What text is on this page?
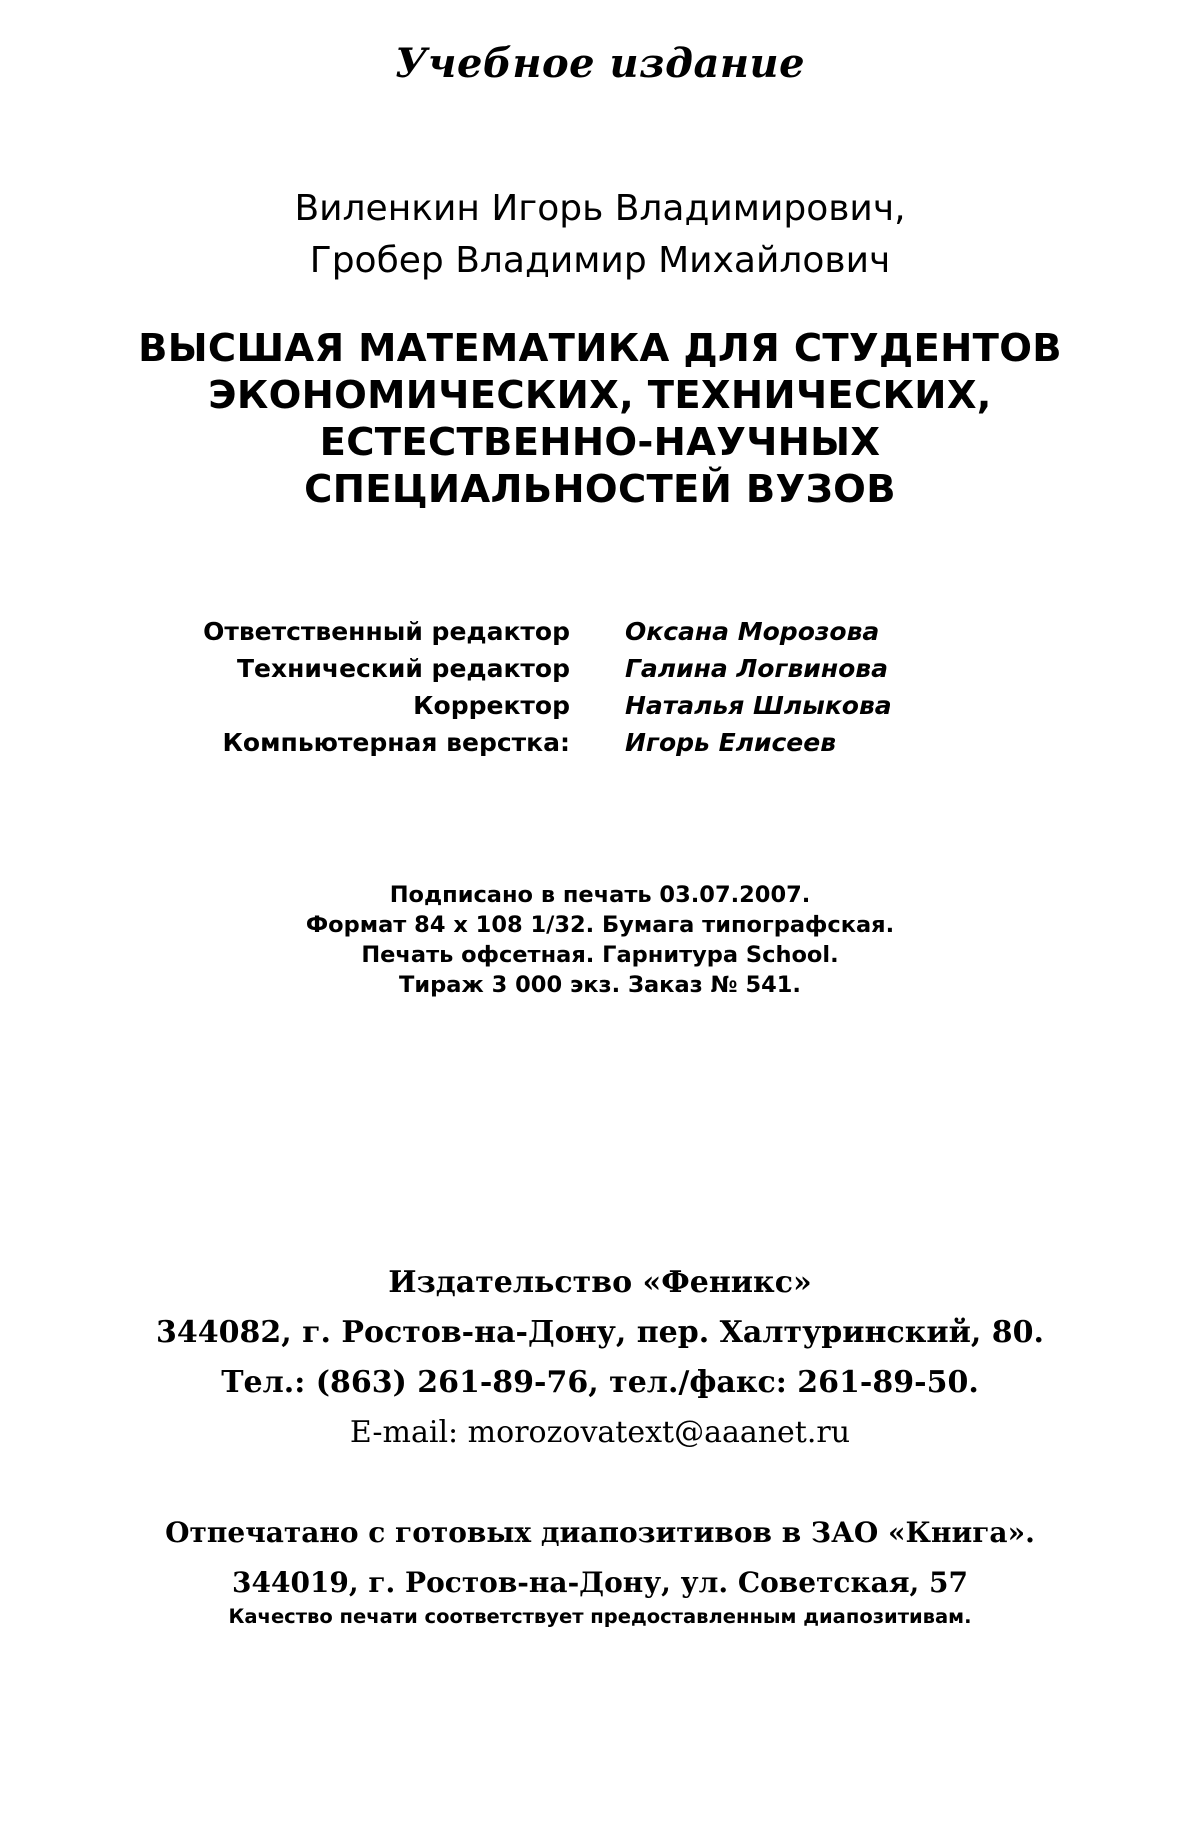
Учебное издание
Виленкин Игорь Владимирович,
Гробер Владимир Михайлович
ВЫСШАЯ МАТЕМАТИКА ДЛЯ СТУДЕНТОВ
ЭКОНОМИЧЕСКИХ, ТЕХНИЧЕСКИХ,
ЕСТЕСТВЕННО-НАУЧНЫХ
СПЕЦИАЛЬНОСТЕЙ ВУЗОВ
Ответственный редактор Оксана Морозова
Технический редактор Галина Логвинова
Корректор Наталья Шлыкова
Компьютерная верстка: Игорь Елисеев
Подписано в печать 03.07.2007.
Формат 84 х 108 1/32. Бумага типографская.
Печать офсетная. Гарнитура School.
Тираж 3 000 экз. Заказ № 541.
Издательство «Феникс»
344082, г. Ростов-на-Дону, пер. Халтуринский, 80.
Тел.: (863) 261-89-76, тел./факс: 261-89-50.
E-mail: morozovatext@aaanet.ru
Отпечатано с готовых диапозитивов в ЗАО «Книга».
344019, г. Ростов-на-Дону, ул. Советская, 57
Качество печати соответствует предоставленным диапозитивам.
